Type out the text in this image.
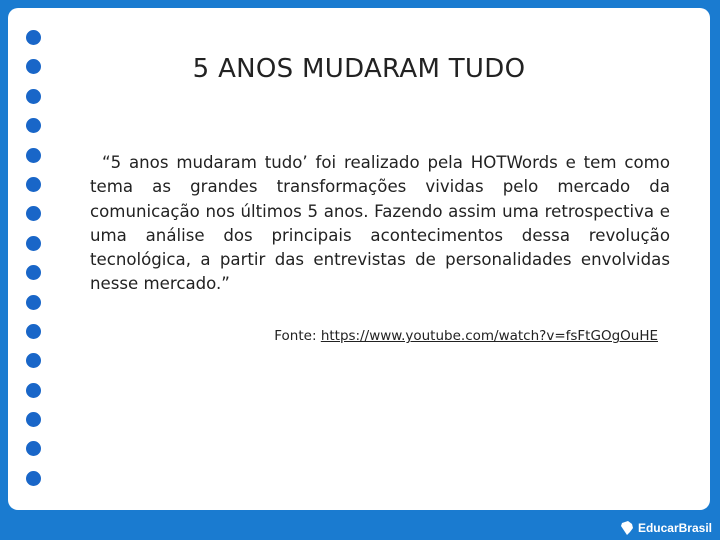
5 ANOS MUDARAM TUDO
“5 anos mudaram tudo’ foi realizado pela HOTWords e tem como tema as grandes transformações vividas pelo mercado da comunicação nos últimos 5 anos. Fazendo assim uma retrospectiva e uma análise dos principais acontecimentos dessa revolução tecnológica, a partir das entrevistas de personalidades envolvidas nesse mercado.”
Fonte: https://www.youtube.com/watch?v=fsFtGOgOuHE
EducarBrasil
